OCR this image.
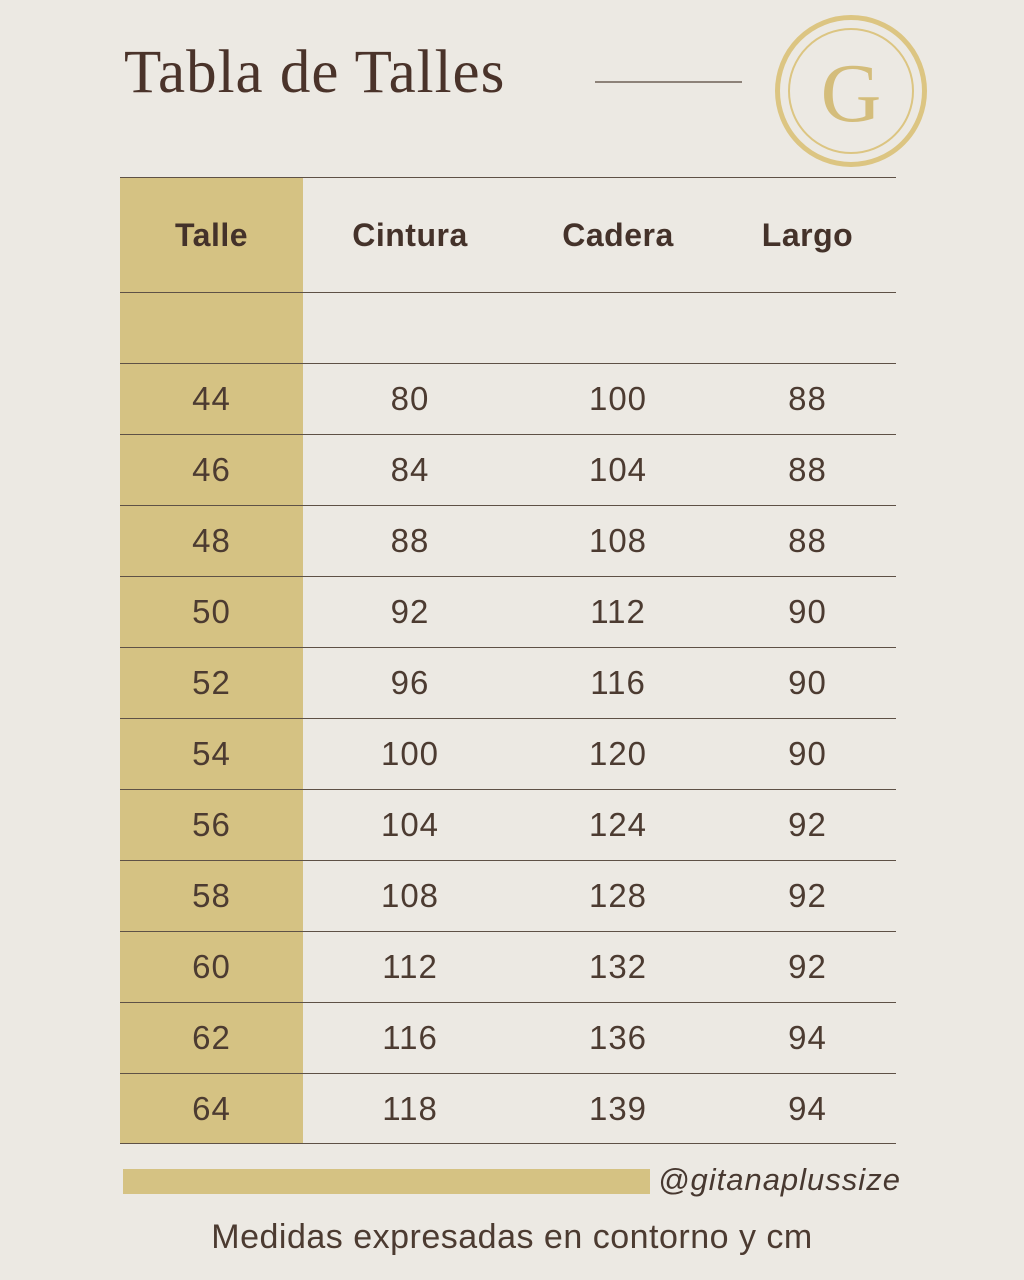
Tabla de Talles	G
Talle	Cintura	Cadera	Largo
44	80	100	88
46	84	104	88
48	88	108	88
50	92	112	90
52	96	116	90
54	100	120	90
56	104	124	92
58	108	128	92
60	112	132	92
62	116	136	94
64	118	139	94
@gitanaplussize
Medidas expresadas en contorno y cm
